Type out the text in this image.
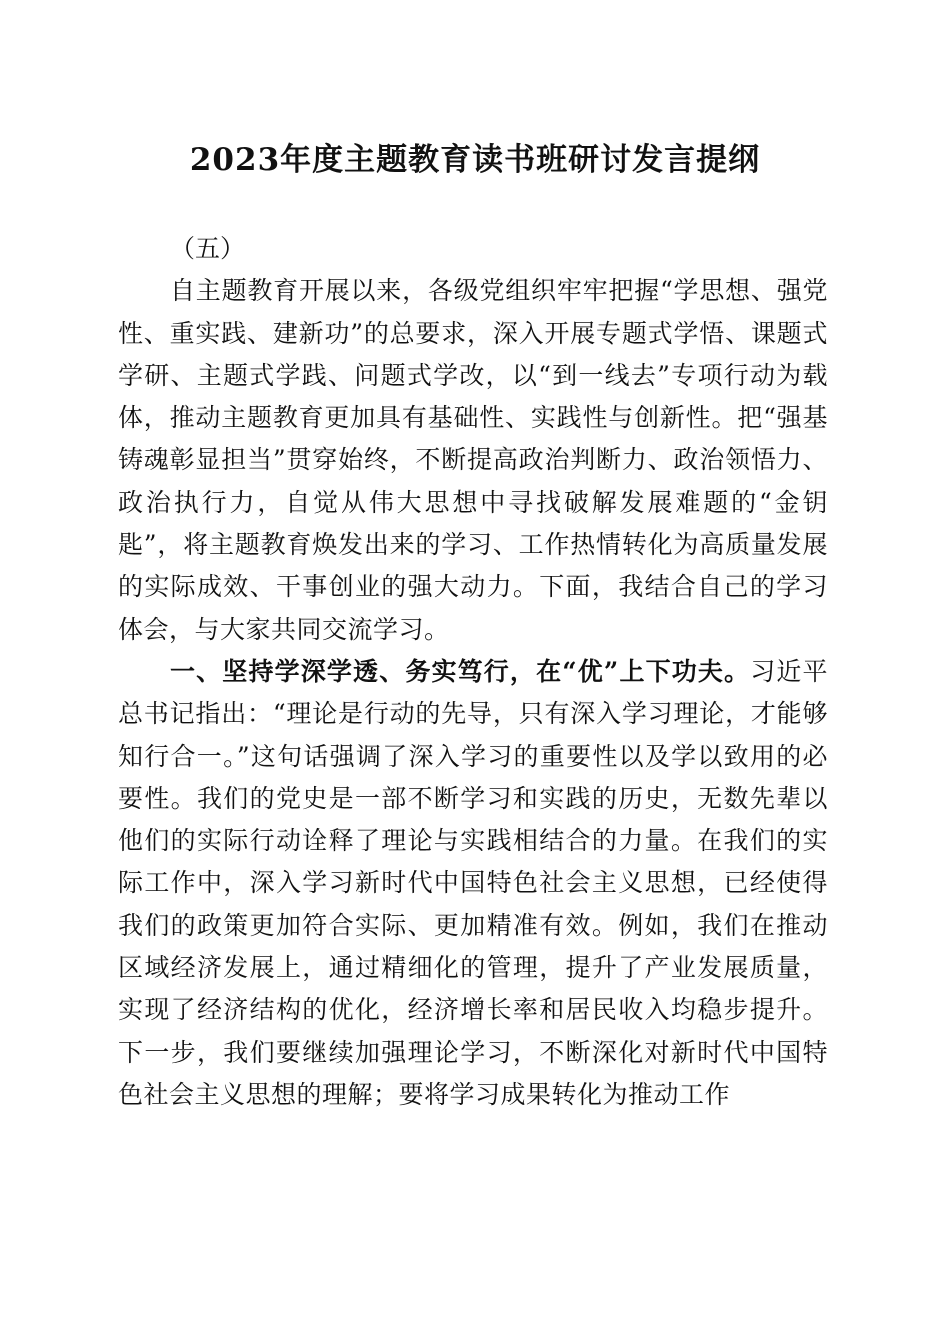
2023年度主题教育读书班研讨发言提纲

（五）

自主题教育开展以来，各级党组织牢牢把握“学思想、强党性、重实践、建新功”的总要求，深入开展专题式学悟、课题式学研、主题式学践、问题式学改，以“到一线去”专项行动为载体，推动主题教育更加具有基础性、实践性与创新性。把“强基铸魂彰显担当”贯穿始终，不断提高政治判断力、政治领悟力、政治执行力，自觉从伟大思想中寻找破解发展难题的“金钥匙”，将主题教育焕发出来的学习、工作热情转化为高质量发展的实际成效、干事创业的强大动力。下面，我结合自己的学习体会，与大家共同交流学习。

一、坚持学深学透、务实笃行，在“优”上下功夫。习近平总书记指出：“理论是行动的先导，只有深入学习理论，才能够知行合一。”这句话强调了深入学习的重要性以及学以致用的必要性。我们的党史是一部不断学习和实践的历史，无数先辈以他们的实际行动诠释了理论与实践相结合的力量。在我们的实际工作中，深入学习新时代中国特色社会主义思想，已经使得我们的政策更加符合实际、更加精准有效。例如，我们在推动区域经济发展上，通过精细化的管理，提升了产业发展质量，实现了经济结构的优化，经济增长率和居民收入均稳步提升。下一步，我们要继续加强理论学习，不断深化对新时代中国特色社会主义思想的理解；要将学习成果转化为推动工作
